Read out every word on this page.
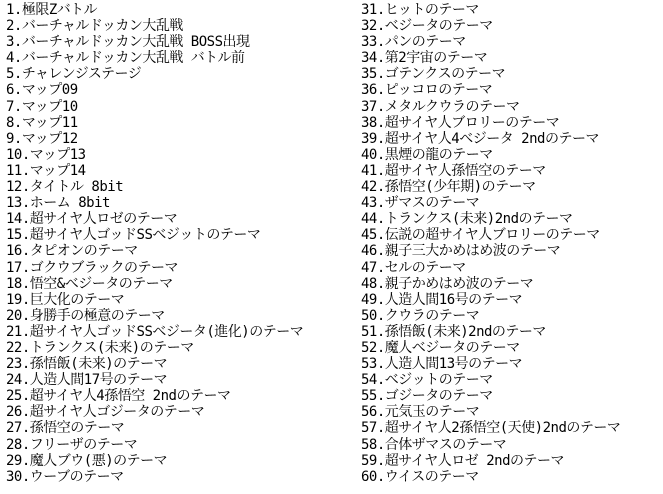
1.極限Zバトル
2.バーチャルドッカン大乱戦
3.バーチャルドッカン大乱戦 BOSS出現
4.バーチャルドッカン大乱戦 バトル前
5.チャレンジステージ
6.マップ09
7.マップ10
8.マップ11
9.マップ12
10.マップ13
11.マップ14
12.タイトル 8bit
13.ホーム 8bit
14.超サイヤ人ロゼのテーマ
15.超サイヤ人ゴッドSSベジットのテーマ
16.タピオンのテーマ
17.ゴクウブラックのテーマ
18.悟空&ベジータのテーマ
19.巨大化のテーマ
20.身勝手の極意のテーマ
21.超サイヤ人ゴッドSSベジータ(進化)のテーマ
22.トランクス(未来)のテーマ
23.孫悟飯(未来)のテーマ
24.人造人間17号のテーマ
25.超サイヤ人4孫悟空 2ndのテーマ
26.超サイヤ人ゴジータのテーマ
27.孫悟空のテーマ
28.フリーザのテーマ
29.魔人ブウ(悪)のテーマ
30.ウーブのテーマ
31.ヒットのテーマ
32.ベジータのテーマ
33.パンのテーマ
34.第2宇宙のテーマ
35.ゴテンクスのテーマ
36.ピッコロのテーマ
37.メタルクウラのテーマ
38.超サイヤ人ブロリーのテーマ
39.超サイヤ人4ベジータ 2ndのテーマ
40.黒煙の龍のテーマ
41.超サイヤ人孫悟空のテーマ
42.孫悟空(少年期)のテーマ
43.ザマスのテーマ
44.トランクス(未来)2ndのテーマ
45.伝説の超サイヤ人ブロリーのテーマ
46.親子三大かめはめ波のテーマ
47.セルのテーマ
48.親子かめはめ波のテーマ
49.人造人間16号のテーマ
50.クウラのテーマ
51.孫悟飯(未来)2ndのテーマ
52.魔人ベジータのテーマ
53.人造人間13号のテーマ
54.ベジットのテーマ
55.ゴジータのテーマ
56.元気玉のテーマ
57.超サイヤ人2孫悟空(天使)2ndのテーマ
58.合体ザマスのテーマ
59.超サイヤ人ロゼ 2ndのテーマ
60.ウイスのテーマ
